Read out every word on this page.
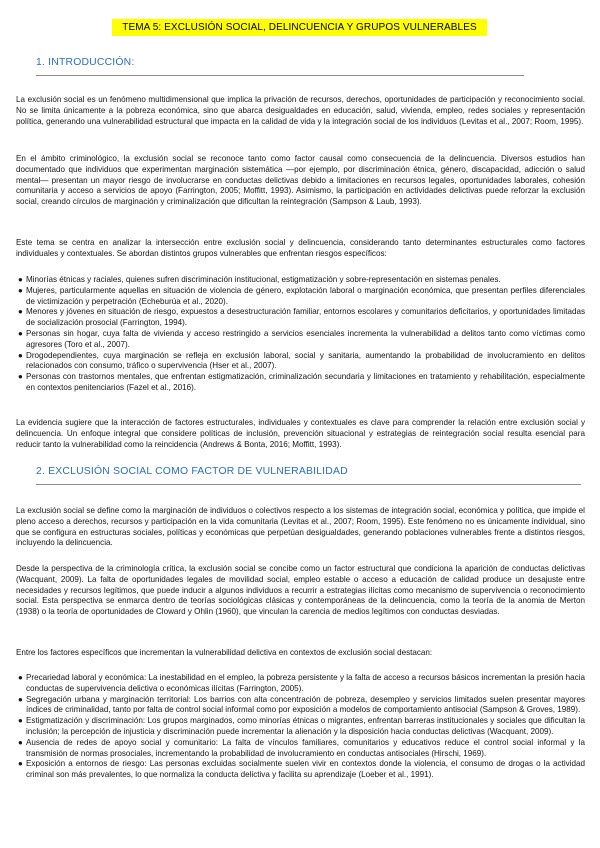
TEMA 5: EXCLUSIÓN SOCIAL, DELINCUENCIA Y GRUPOS VULNERABLES
1. INTRODUCCIÓN:

La exclusión social es un fenómeno multidimensional que implica la privación de recursos, derechos, oportunidades de participación y reconocimiento social. No se limita únicamente a la pobreza económica, sino que abarca desigualdades en educación, salud, vivienda, empleo, redes sociales y representación política, generando una vulnerabilidad estructural que impacta en la calidad de vida y la integración social de los individuos (Levitas et al., 2007; Room, 1995).

En el ámbito criminológico, la exclusión social se reconoce tanto como factor causal como consecuencia de la delincuencia. Diversos estudios han documentado que individuos que experimentan marginación sistemática —por ejemplo, por discriminación étnica, género, discapacidad, adicción o salud mental— presentan un mayor riesgo de involucrarse en conductas delictivas debido a limitaciones en recursos legales, oportunidades laborales, cohesión comunitaria y acceso a servicios de apoyo (Farrington, 2005; Moffitt, 1993). Asimismo, la participación en actividades delictivas puede reforzar la exclusión social, creando círculos de marginación y criminalización que dificultan la reintegración (Sampson & Laub, 1993).

Este tema se centra en analizar la intersección entre exclusión social y delincuencia, considerando tanto determinantes estructurales como factores individuales y contextuales. Se abordan distintos grupos vulnerables que enfrentan riesgos específicos:

● Minorías étnicas y raciales, quienes sufren discriminación institucional, estigmatización y sobre-representación en sistemas penales.
● Mujeres, particularmente aquellas en situación de violencia de género, explotación laboral o marginación económica, que presentan perfiles diferenciales de victimización y perpetración (Echeburúa et al., 2020).
● Menores y jóvenes en situación de riesgo, expuestos a desestructuración familiar, entornos escolares y comunitarios deficitarios, y oportunidades limitadas de socialización prosocial (Farrington, 1994).
● Personas sin hogar, cuya falta de vivienda y acceso restringido a servicios esenciales incrementa la vulnerabilidad a delitos tanto como víctimas como agresores (Toro et al., 2007).
● Drogodependientes, cuya marginación se refleja en exclusión laboral, social y sanitaria, aumentando la probabilidad de involucramiento en delitos relacionados con consumo, tráfico o supervivencia (Hser et al., 2007).
● Personas con trastornos mentales, que enfrentan estigmatización, criminalización secundaria y limitaciones en tratamiento y rehabilitación, especialmente en contextos penitenciarios (Fazel et al., 2016).

La evidencia sugiere que la interacción de factores estructurales, individuales y contextuales es clave para comprender la relación entre exclusión social y delincuencia. Un enfoque integral que considere políticas de inclusión, prevención situacional y estrategias de reintegración social resulta esencial para reducir tanto la vulnerabilidad como la reincidencia (Andrews & Bonta, 2016; Moffitt, 1993).

2. EXCLUSIÓN SOCIAL COMO FACTOR DE VULNERABILIDAD

La exclusión social se define como la marginación de individuos o colectivos respecto a los sistemas de integración social, económica y política, que impide el pleno acceso a derechos, recursos y participación en la vida comunitaria (Levitas et al., 2007; Room, 1995). Este fenómeno no es únicamente individual, sino que se configura en estructuras sociales, políticas y económicas que perpetúan desigualdades, generando poblaciones vulnerables frente a distintos riesgos, incluyendo la delincuencia.

Desde la perspectiva de la criminología crítica, la exclusión social se concibe como un factor estructural que condiciona la aparición de conductas delictivas (Wacquant, 2009). La falta de oportunidades legales de movilidad social, empleo estable o acceso a educación de calidad produce un desajuste entre necesidades y recursos legítimos, que puede inducir a algunos individuos a recurrir a estrategias ilícitas como mecanismo de supervivencia o reconocimiento social. Esta perspectiva se enmarca dentro de teorías sociológicas clásicas y contemporáneas de la delincuencia, como la teoría de la anomia de Merton (1938) o la teoría de oportunidades de Cloward y Ohlin (1960), que vinculan la carencia de medios legítimos con conductas desviadas.

Entre los factores específicos que incrementan la vulnerabilidad delictiva en contextos de exclusión social destacan:

● Precariedad laboral y económica: La inestabilidad en el empleo, la pobreza persistente y la falta de acceso a recursos básicos incrementan la presión hacia conductas de supervivencia delictiva o económicas ilícitas (Farrington, 2005).
● Segregación urbana y marginación territorial: Los barrios con alta concentración de pobreza, desempleo y servicios limitados suelen presentar mayores índices de criminalidad, tanto por falta de control social informal como por exposición a modelos de comportamiento antisocial (Sampson & Groves, 1989).
● Estigmatización y discriminación: Los grupos marginados, como minorías étnicas o migrantes, enfrentan barreras institucionales y sociales que dificultan la inclusión; la percepción de injusticia y discriminación puede incrementar la alienación y la disposición hacia conductas delictivas (Wacquant, 2009).
● Ausencia de redes de apoyo social y comunitario: La falta de vínculos familiares, comunitarios y educativos reduce el control social informal y la transmisión de normas prosociales, incrementando la probabilidad de involucramiento en conductas antisociales (Hirschi, 1969).
● Exposición a entornos de riesgo: Las personas excluidas socialmente suelen vivir en contextos donde la violencia, el consumo de drogas o la actividad criminal son más prevalentes, lo que normaliza la conducta delictiva y facilita su aprendizaje (Loeber et al., 1991).
